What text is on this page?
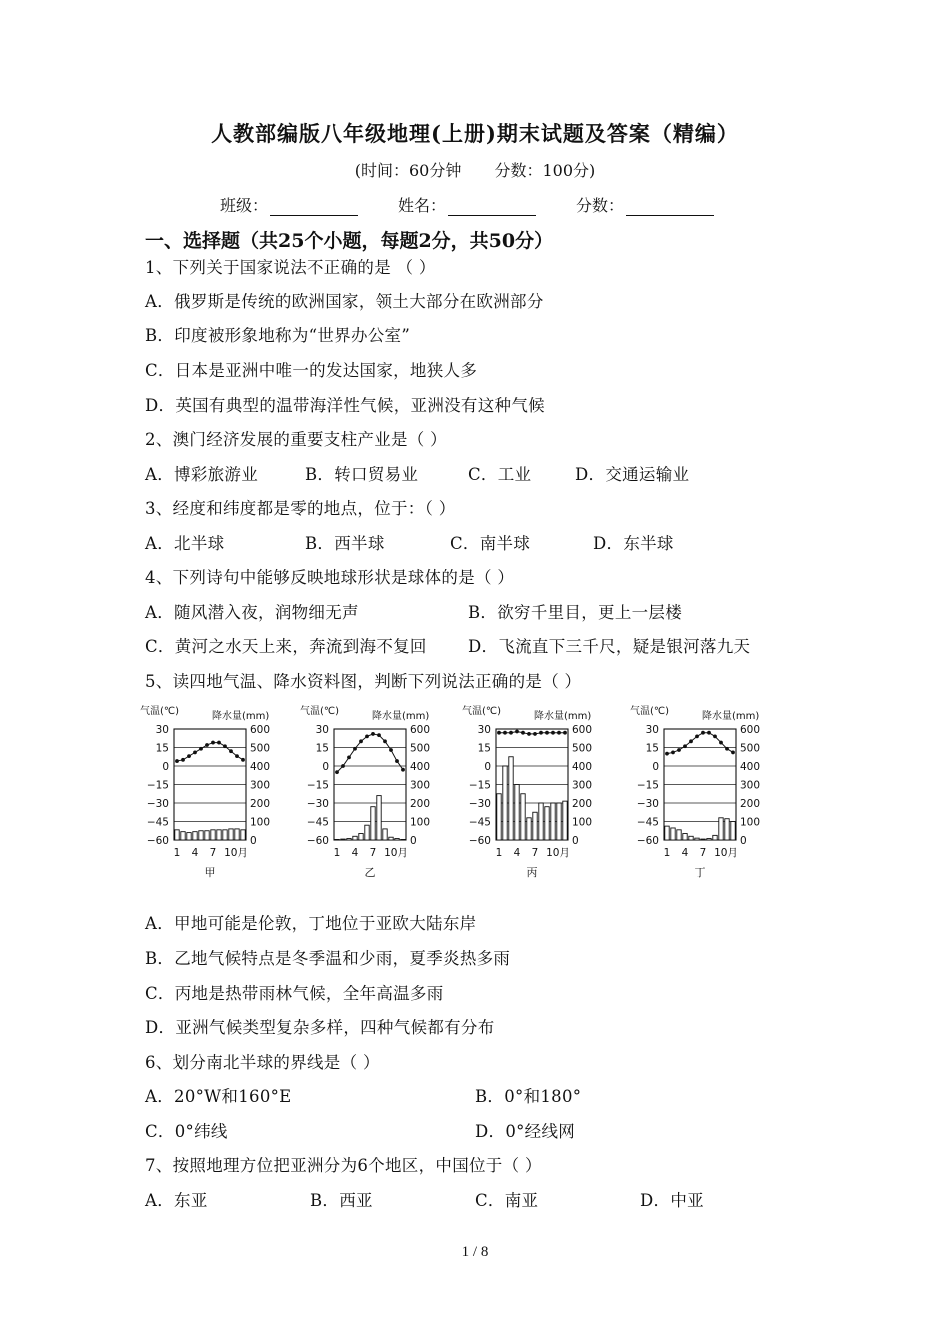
人教部编版八年级地理(上册)期末试题及答案（精编）
(时间：60分钟 分数：100分)
班级：	姓名：	分数：
一、选择题（共25个小题，每题2分，共50分）
1、下列关于国家说法不正确的是 （ ）
A．俄罗斯是传统的欧洲国家，领土大部分在欧洲部分
B．印度被形象地称为“世界办公室”
C．日本是亚洲中唯一的发达国家，地狭人多
D．英国有典型的温带海洋性气候，亚洲没有这种气候
2、澳门经济发展的重要支柱产业是（ ）
A．博彩旅游业	B．转口贸易业	C．工业	D．交通运输业
3、经度和纬度都是零的地点，位于：（ ）
A．北半球	B．西半球	C．南半球	D．东半球
4、下列诗句中能够反映地球形状是球体的是（ ）
A．随风潜入夜，润物细无声	B．欲穷千里目，更上一层楼
C．黄河之水天上来，奔流到海不复回	D．飞流直下三千尺，疑是银河落九天
5、读四地气温、降水资料图，判断下列说法正确的是（ ）
气温(℃)	降水量(mm)
30
15
0
−15
−30
−45
−60
600
500
400
300
200
100
0
1 4 7 10月
甲
气温(℃)	降水量(mm)
30
15
0
−15
−30
−45
−60
600
500
400
300
200
100
0
1 4 7 10月
乙
气温(℃)	降水量(mm)
30
15
0
−15
−30
−45
−60
600
500
400
300
200
100
0
1 4 7 10月
丙
气温(℃)	降水量(mm)
30
15
0
−15
−30
−45
−60
600
500
400
300
200
100
0
1 4 7 10月
丁
A．甲地可能是伦敦，丁地位于亚欧大陆东岸
B．乙地气候特点是冬季温和少雨，夏季炎热多雨
C．丙地是热带雨林气候，全年高温多雨
D．亚洲气候类型复杂多样，四种气候都有分布
6、划分南北半球的界线是（ ）
A．20°W和160°E	B．0°和180°
C．0°纬线	D．0°经线网
7、按照地理方位把亚洲分为6个地区，中国位于（ ）
A．东亚	B．西亚	C．南亚	D．中亚
1 / 8
